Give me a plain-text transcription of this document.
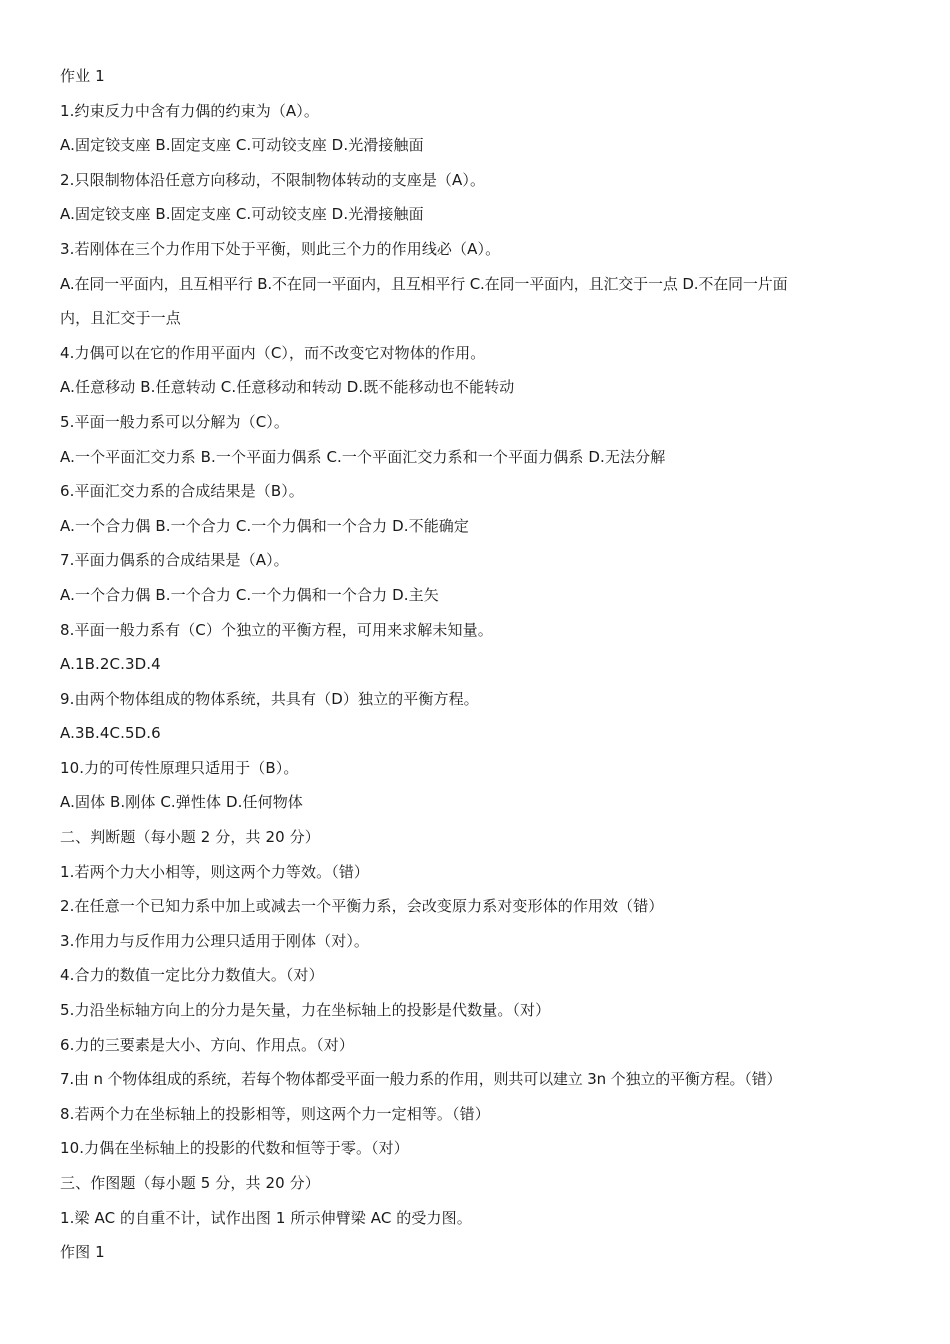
作业 1
1.约束反力中含有力偶的约束为（A）。
A.固定铰支座 B.固定支座 C.可动铰支座 D.光滑接触面
2.只限制物体沿任意方向移动，不限制物体转动的支座是（A）。
A.固定铰支座 B.固定支座 C.可动铰支座 D.光滑接触面
3.若刚体在三个力作用下处于平衡，则此三个力的作用线必（A）。
A.在同一平面内，且互相平行 B.不在同一平面内，且互相平行 C.在同一平面内，且汇交于一点 D.不在同一片面
内，且汇交于一点
4.力偶可以在它的作用平面内（C），而不改变它对物体的作用。
A.任意移动 B.任意转动 C.任意移动和转动 D.既不能移动也不能转动
5.平面一般力系可以分解为（C）。
A.一个平面汇交力系 B.一个平面力偶系 C.一个平面汇交力系和一个平面力偶系 D.无法分解
6.平面汇交力系的合成结果是（B）。
A.一个合力偶 B.一个合力 C.一个力偶和一个合力 D.不能确定
7.平面力偶系的合成结果是（A）。
A.一个合力偶 B.一个合力 C.一个力偶和一个合力 D.主矢
8.平面一般力系有（C）个独立的平衡方程，可用来求解未知量。
A.1B.2C.3D.4
9.由两个物体组成的物体系统，共具有（D）独立的平衡方程。
A.3B.4C.5D.6
10.力的可传性原理只适用于（B）。
A.固体 B.刚体 C.弹性体 D.任何物体
二、判断题（每小题 2 分，共 20 分）
1.若两个力大小相等，则这两个力等效。（错）
2.在任意一个已知力系中加上或减去一个平衡力系，会改变原力系对变形体的作用效（错）
3.作用力与反作用力公理只适用于刚体（对）。
4.合力的数值一定比分力数值大。（对）
5.力沿坐标轴方向上的分力是矢量，力在坐标轴上的投影是代数量。（对）
6.力的三要素是大小、方向、作用点。（对）
7.由 n 个物体组成的系统，若每个物体都受平面一般力系的作用，则共可以建立 3n 个独立的平衡方程。（错）
8.若两个力在坐标轴上的投影相等，则这两个力一定相等。（错）
10.力偶在坐标轴上的投影的代数和恒等于零。（对）
三、作图题（每小题 5 分，共 20 分）
1.梁 AC 的自重不计，试作出图 1 所示伸臂梁 AC 的受力图。
作图 1
